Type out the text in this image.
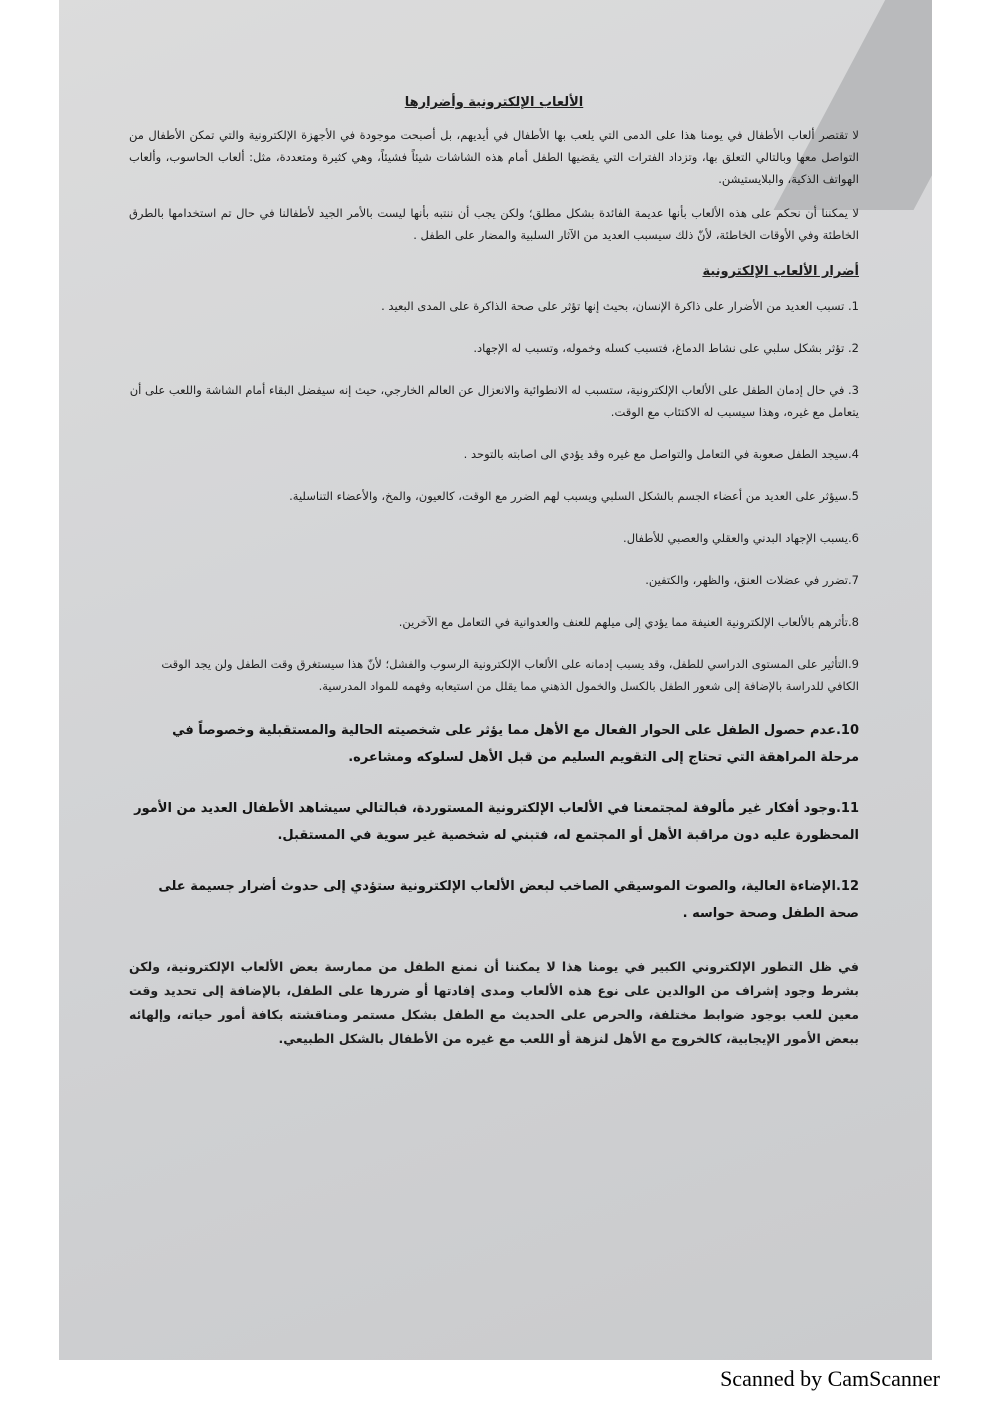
الألعاب الإلكترونية وأضرارها

لا تقتصر ألعاب الأطفال في يومنا هذا على الدمى التي يلعب بها الأطفال في أيديهم، بل أصبحت موجودة في الأجهزة الإلكترونية والتي تمكن الأطفال من التواصل معها وبالتالي التعلق بها، وتزداد الفترات التي يقضيها الطفل أمام هذه الشاشات شيئاً فشيئاً، وهي كثيرة ومتعددة، مثل: ألعاب الحاسوب، وألعاب الهواتف الذكية، والبلايستيشن.

لا يمكننا أن نحكم على هذه الألعاب بأنها عديمة الفائدة بشكل مطلق؛ ولكن يجب أن ننتبه بأنها ليست بالأمر الجيد لأطفالنا في حال تم استخدامها بالطرق الخاطئة وفي الأوقات الخاطئة، لأنّ ذلك سيسبب العديد من الآثار السلبية والمضار على الطفل .

أضرار الألعاب الإلكترونية
1. تسبب العديد من الأضرار على ذاكرة الإنسان، بحيث إنها تؤثر على صحة الذاكرة على المدى البعيد .
2. تؤثر بشكل سلبي على نشاط الدماغ، فتسبب كسله وخموله، وتسبب له الإجهاد.
3. في حال إدمان الطفل على الألعاب الإلكترونية، ستسبب له الانطوائية والانعزال عن العالم الخارجي، حيث إنه سيفضل البقاء أمام الشاشة واللعب على أن يتعامل مع غيره، وهذا سيسبب له الاكتئاب مع الوقت.
4.سيجد الطفل صعوبة في التعامل والتواصل مع غيره وقد يؤدي الى اصابته بالتوحد .
5.سيؤثر على العديد من أعضاء الجسم بالشكل السلبي ويسبب لهم الضرر مع الوقت، كالعيون، والمخ، والأعضاء التناسلية.
6.يسبب الإجهاد البدني والعقلي والعصبي للأطفال.
7.تضرر في عضلات العنق، والظهر، والكتفين.
8.تأثرهم بالألعاب الإلكترونية العنيفة مما يؤدي إلى ميلهم للعنف والعدوانية في التعامل مع الآخرين.
9.التأثير على المستوى الدراسي للطفل، وقد يسبب إدمانه على الألعاب الإلكترونية الرسوب والفشل؛ لأنّ هذا سيستغرق وقت الطفل ولن يجد الوقت الكافي للدراسة بالإضافة إلى شعور الطفل بالكسل والخمول الذهني مما يقلل من استيعابه وفهمه للمواد المدرسية.
10.عدم حصول الطفل على الحوار الفعال مع الأهل مما يؤثر على شخصيته الحالية والمستقبلية وخصوصاً في مرحلة المراهقة التي تحتاج إلى التقويم السليم من قبل الأهل لسلوكه ومشاعره.
11.وجود أفكار غير مألوفة لمجتمعنا في الألعاب الإلكترونية المستوردة، فبالتالي سيشاهد الأطفال العديد من الأمور المحظورة عليه دون مراقبة الأهل أو المجتمع له، فتبني له شخصية غير سوية في المستقبل.
12.الإضاءة العالية، والصوت الموسيقي الصاخب لبعض الألعاب الإلكترونية ستؤدي إلى حدوث أضرار جسيمة على صحة الطفل وصحة حواسه .

في ظل التطور الإلكتروني الكبير في يومنا هذا لا يمكننا أن نمنع الطفل من ممارسة بعض الألعاب الإلكترونية، ولكن بشرط وجود إشراف من الوالدين على نوع هذه الألعاب ومدى إفادتها أو ضررها على الطفل، بالإضافة إلى تحديد وقت معين للعب بوجود ضوابط مختلفة، والحرص على الحديث مع الطفل بشكل مستمر ومناقشته بكافة أمور حياته، وإلهائه ببعض الأمور الإيجابية، كالخروج مع الأهل لنزهة أو اللعب مع غيره من الأطفال بالشكل الطبيعي.

Scanned by CamScanner
